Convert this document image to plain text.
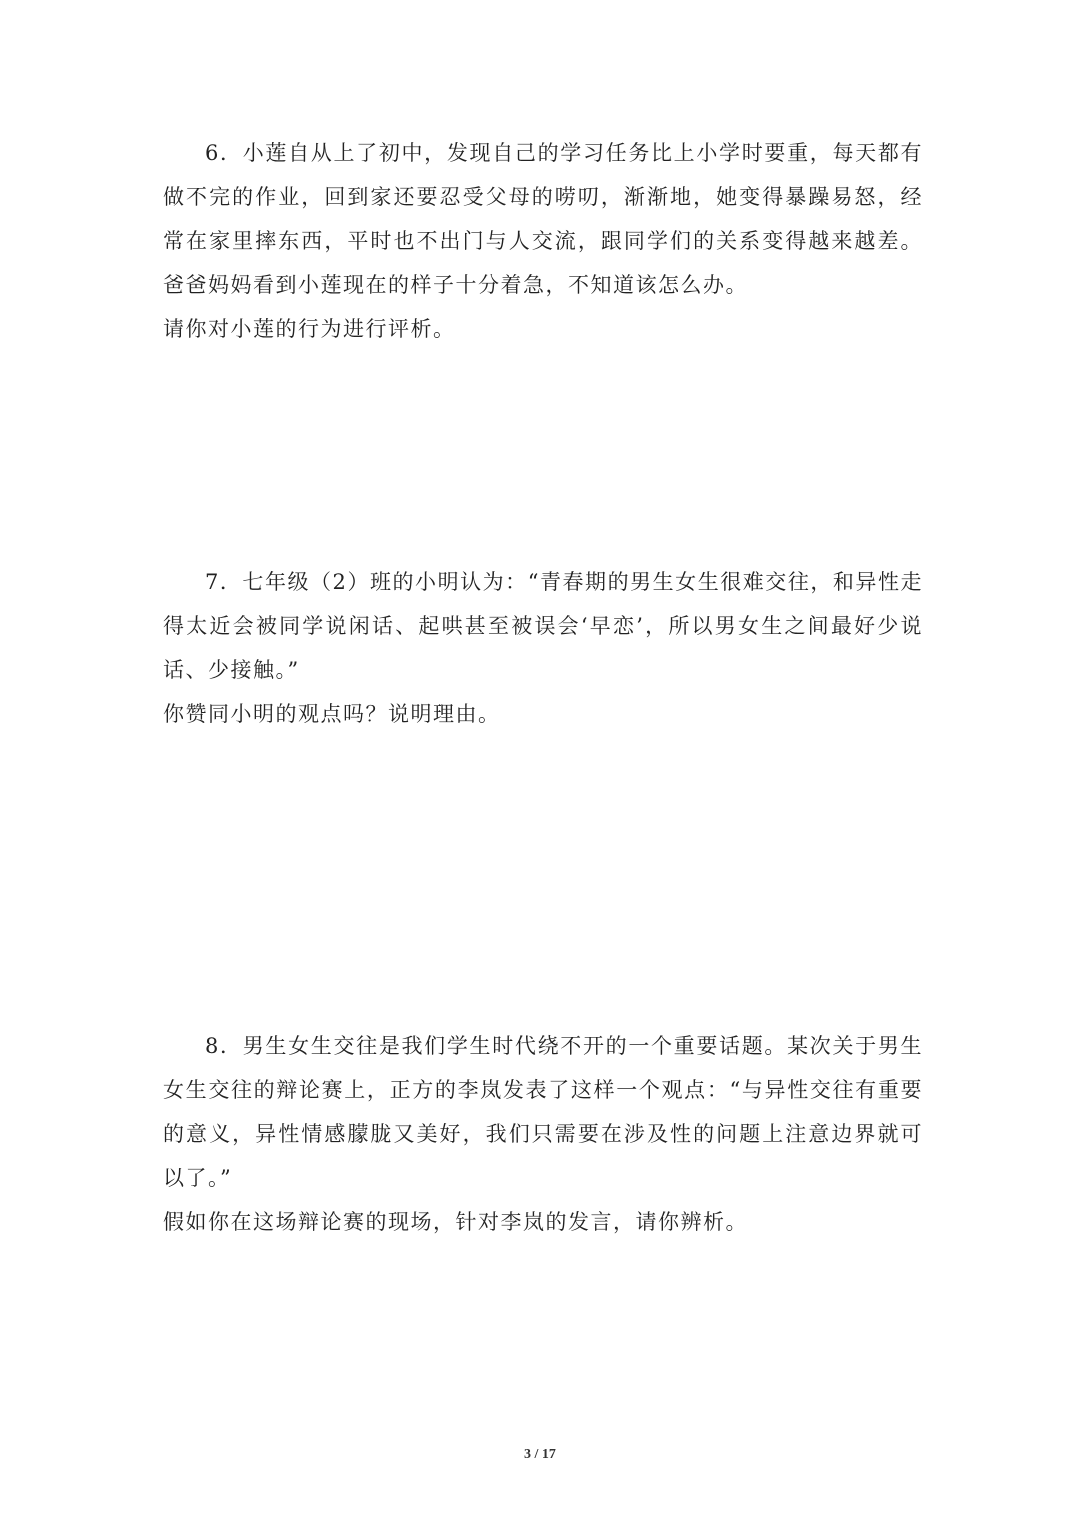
6．小莲自从上了初中，发现自己的学习任务比上小学时要重，每天都有做不完的作业，回到家还要忍受父母的唠叨，渐渐地，她变得暴躁易怒，经常在家里摔东西，平时也不出门与人交流，跟同学们的关系变得越来越差。爸爸妈妈看到小莲现在的样子十分着急，不知道该怎么办。

请你对小莲的行为进行评析。

7．七年级（2）班的小明认为：“青春期的男生女生很难交往，和异性走得太近会被同学说闲话、起哄甚至被误会‘早恋’，所以男女生之间最好少说话、少接触。”

你赞同小明的观点吗？说明理由。

8．男生女生交往是我们学生时代绕不开的一个重要话题。某次关于男生女生交往的辩论赛上，正方的李岚发表了这样一个观点：“与异性交往有重要的意义，异性情感朦胧又美好，我们只需要在涉及性的问题上注意边界就可以了。”

假如你在这场辩论赛的现场，针对李岚的发言，请你辨析。

3 / 17
